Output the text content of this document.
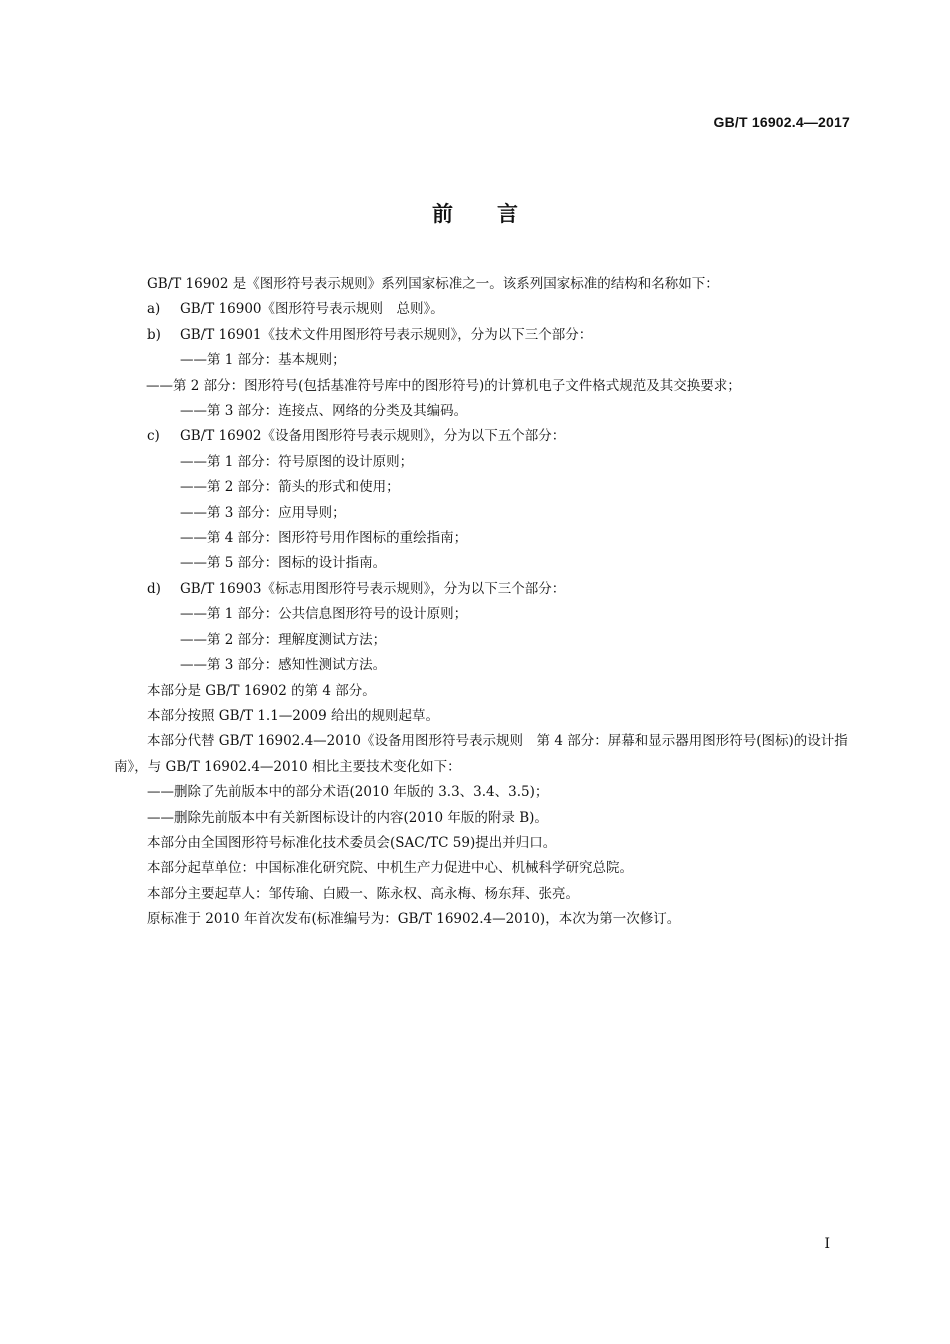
GB/T 16902.4—2017
前言
GB/T 16902 是《图形符号表示规则》系列国家标准之一。该系列国家标准的结构和名称如下：
a)	GB/T 16900《图形符号表示规则　总则》。
b)	GB/T 16901《技术文件用图形符号表示规则》，分为以下三个部分：
——第 1 部分：基本规则；
——第 2 部分：图形符号(包括基准符号库中的图形符号)的计算机电子文件格式规范及其交换要求；
——第 3 部分：连接点、网络的分类及其编码。
c)	GB/T 16902《设备用图形符号表示规则》，分为以下五个部分：
——第 1 部分：符号原图的设计原则；
——第 2 部分：箭头的形式和使用；
——第 3 部分：应用导则；
——第 4 部分：图形符号用作图标的重绘指南；
——第 5 部分：图标的设计指南。
d)	GB/T 16903《标志用图形符号表示规则》，分为以下三个部分：
——第 1 部分：公共信息图形符号的设计原则；
——第 2 部分：理解度测试方法；
——第 3 部分：感知性测试方法。
本部分是 GB/T 16902 的第 4 部分。
本部分按照 GB/T 1.1—2009 给出的规则起草。
本部分代替 GB/T 16902.4—2010《设备用图形符号表示规则　第 4 部分：屏幕和显示器用图形符号(图标)的设计指南》，与 GB/T 16902.4—2010 相比主要技术变化如下：
——删除了先前版本中的部分术语(2010 年版的 3.3、3.4、3.5)；
——删除先前版本中有关新图标设计的内容(2010 年版的附录 B)。
本部分由全国图形符号标准化技术委员会(SAC/TC 59)提出并归口。
本部分起草单位：中国标准化研究院、中机生产力促进中心、机械科学研究总院。
本部分主要起草人：邹传瑜、白殿一、陈永权、高永梅、杨东拜、张亮。
原标准于 2010 年首次发布(标准编号为：GB/T 16902.4—2010)，本次为第一次修订。
I
